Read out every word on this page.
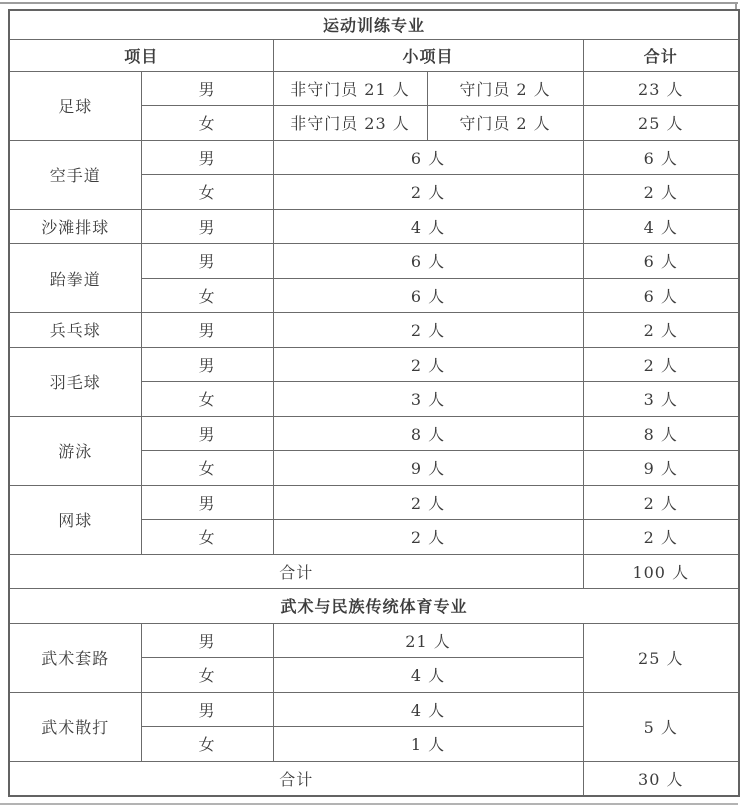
运动训练专业				
项目		小项目		合计
足球	男	非守门员 21 人	守门员 2 人	23 人
	女	非守门员 23 人	守门员 2 人	25 人
空手道	男	6 人		6 人
	女	2 人		2 人
沙滩排球	男	4 人		4 人
跆拳道	男	6 人		6 人
	女	6 人		6 人
兵乓球	男	2 人		2 人
羽毛球	男	2 人		2 人
	女	3 人		3 人
游泳	男	8 人		8 人
	女	9 人		9 人
网球	男	2 人		2 人
	女	2 人		2 人
合计				100 人
武术与民族传统体育专业				
武术套路	男	21 人		25 人
	女	4 人		
武术散打	男	4 人		5 人
	女	1 人		
合计				30 人
